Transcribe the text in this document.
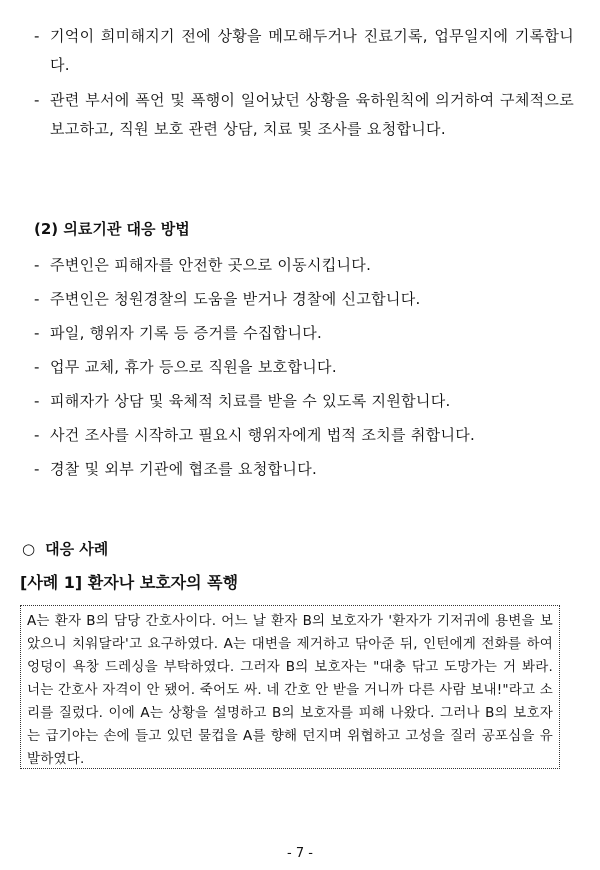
- 기억이 희미해지기 전에 상황을 메모해두거나 진료기록, 업무일지에 기록합니다.
- 관련 부서에 폭언 및 폭행이 일어났던 상황을 육하원칙에 의거하여 구체적으로 보고하고, 직원 보호 관련 상담, 치료 및 조사를 요청합니다.
(2) 의료기관 대응 방법
- 주변인은 피해자를 안전한 곳으로 이동시킵니다.
- 주변인은 청원경찰의 도움을 받거나 경찰에 신고합니다.
- 파일, 행위자 기록 등 증거를 수집합니다.
- 업무 교체, 휴가 등으로 직원을 보호합니다.
- 피해자가 상담 및 육체적 치료를 받을 수 있도록 지원합니다.
- 사건 조사를 시작하고 필요시 행위자에게 법적 조치를 취합니다.
- 경찰 및 외부 기관에 협조를 요청합니다.
○ 대응 사례
[사례 1] 환자나 보호자의 폭행
A는 환자 B의 담당 간호사이다. 어느 날 환자 B의 보호자가 '환자가 기저귀에 용변을 보았으니 치워달라'고 요구하였다. A는 대변을 제거하고 닦아준 뒤, 인턴에게 전화를 하여 엉덩이 욕창 드레싱을 부탁하였다. 그러자 B의 보호자는 "대충 닦고 도망가는 거 봐라. 너는 간호사 자격이 안 됐어. 죽어도 싸. 네 간호 안 받을 거니까 다른 사람 보내!"라고 소리를 질렀다. 이에 A는 상황을 설명하고 B의 보호자를 피해 나왔다. 그러나 B의 보호자는 급기야는 손에 들고 있던 물컵을 A를 향해 던지며 위협하고 고성을 질러 공포심을 유발하였다.
- 7 -
